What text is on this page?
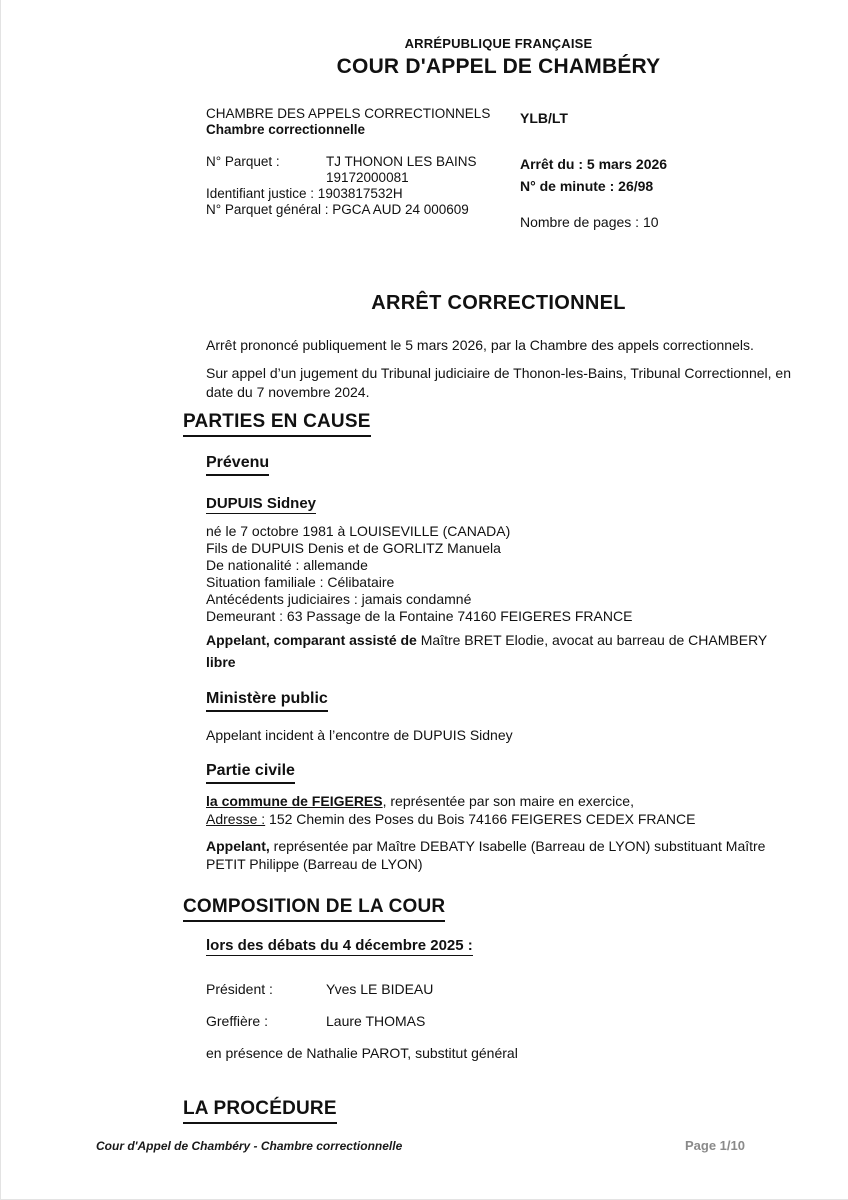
ARRÉPUBLIQUE FRANÇAISE
COUR D'APPEL DE CHAMBÉRY
CHAMBRE DES APPELS CORRECTIONNELS
Chambre correctionnelle
N° Parquet :	TJ THONON LES BAINS
19172000081
Identifiant justice : 1903817532H
N° Parquet général : PGCA AUD 24 000609
YLB/LT
Arrêt du : 5 mars 2026
N° de minute : 26/98
Nombre de pages : 10
ARRÊT CORRECTIONNEL

Arrêt prononcé publiquement le 5 mars 2026, par la Chambre des appels correctionnels.

Sur appel d’un jugement du Tribunal judiciaire de Thonon-les-Bains, Tribunal Correctionnel, en date du 7 novembre 2024.

PARTIES EN CAUSE
Prévenu
DUPUIS Sidney
né le 7 octobre 1981 à LOUISEVILLE (CANADA)
Fils de DUPUIS Denis et de GORLITZ Manuela
De nationalité : allemande
Situation familiale : Célibataire
Antécédents judiciaires : jamais condamné
Demeurant : 63 Passage de la Fontaine 74160 FEIGERES FRANCE
Appelant, comparant assisté de Maître BRET Elodie, avocat au barreau de CHAMBERY
libre
Ministère public
Appelant incident à l’encontre de DUPUIS Sidney
Partie civile
la commune de FEIGERES, représentée par son maire en exercice,
Adresse : 152 Chemin des Poses du Bois 74166 FEIGERES CEDEX FRANCE
Appelant, représentée par Maître DEBATY Isabelle (Barreau de LYON) substituant Maître PETIT Philippe (Barreau de LYON)
COMPOSITION DE LA COUR
lors des débats du 4 décembre 2025 :
Président :	Yves LE BIDEAU
Greffière :	Laure THOMAS
en présence de Nathalie PAROT, substitut général
LA PROCÉDURE
Cour d'Appel de Chambéry - Chambre correctionnelle	Page 1/10
